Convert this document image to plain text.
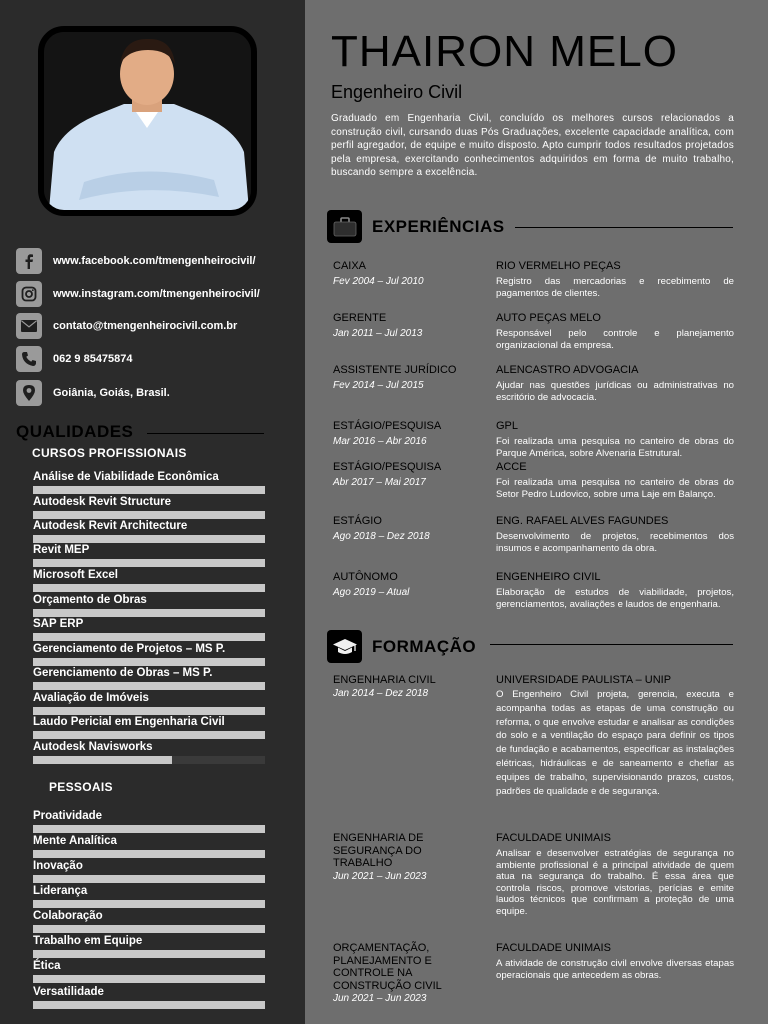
www.facebook.com/tmengenheirocivil/
www.instagram.com/tmengenheirocivil/
contato@tmengenheirocivil.com.br
062 9 85475874
Goiânia, Goiás, Brasil.
QUALIDADES
CURSOS PROFISSIONAIS
Análise de Viabilidade Econômica
Autodesk Revit Structure
Autodesk Revit Architecture
Revit MEP
Microsoft Excel
Orçamento de Obras
SAP ERP
Gerenciamento de Projetos – MS P.
Gerenciamento de Obras – MS P.
Avaliação de Imóveis
Laudo Pericial em Engenharia Civil
Autodesk Navisworks
PESSOAIS
Proatividade
Mente Analítica
Inovação
Liderança
Colaboração
Trabalho em Equipe
Ética
Versatilidade
THAIRON MELO
Engenheiro Civil
Graduado em Engenharia Civil, concluído os melhores cursos relacionados a construção civil, cursando duas Pós Graduações, excelente capacidade analítica, com perfil agregador, de equipe e muito disposto. Apto cumprir todos resultados projetados pela empresa, exercitando conhecimentos adquiridos em forma de muito trabalho, buscando sempre a excelência.
EXPERIÊNCIAS
CAIXA
Fev 2004 – Jul 2010
RIO VERMELHO PEÇAS
Registro das mercadorias e recebimento de pagamentos de clientes.
GERENTE
Jan 2011 – Jul 2013
AUTO PEÇAS MELO
Responsável pelo controle e planejamento organizacional da empresa.
ASSISTENTE JURÍDICO
Fev 2014 – Jul 2015
ALENCASTRO ADVOGACIA
Ajudar nas questões jurídicas ou administrativas no escritório de advocacia.
ESTÁGIO/PESQUISA
Mar 2016 – Abr 2016
GPL
Foi realizada uma pesquisa no canteiro de obras do Parque América, sobre Alvenaria Estrutural.
ESTÁGIO/PESQUISA
Abr 2017 – Mai 2017
ACCE
Foi realizada uma pesquisa no canteiro de obras do Setor Pedro Ludovico, sobre uma Laje em Balanço.
ESTÁGIO
Ago 2018 – Dez 2018
ENG. RAFAEL ALVES FAGUNDES
Desenvolvimento de projetos, recebimentos dos insumos e acompanhamento da obra.
AUTÔNOMO
Ago 2019 – Atual
ENGENHEIRO CIVIL
Elaboração de estudos de viabilidade, projetos, gerenciamentos, avaliações e laudos de engenharia.
FORMAÇÃO
ENGENHARIA CIVIL
Jan 2014 – Dez 2018
UNIVERSIDADE PAULISTA – UNIP
O Engenheiro Civil projeta, gerencia, executa e acompanha todas as etapas de uma construção ou reforma, o que envolve estudar e analisar as condições do solo e a ventilação do espaço para definir os tipos de fundação e acabamentos, especificar as instalações elétricas, hidráulicas e de saneamento e chefiar as equipes de trabalho, supervisionando prazos, custos, padrões de qualidade e de segurança.
ENGENHARIA DE SEGURANÇA DO TRABALHO
Jun 2021 – Jun 2023
FACULDADE UNIMAIS
Analisar e desenvolver estratégias de segurança no ambiente profissional é a principal atividade de quem atua na segurança do trabalho. É essa área que controla riscos, promove vistorias, perícias e emite laudos técnicos que confirmam a proteção de uma equipe.
ORÇAMENTAÇÃO, PLANEJAMENTO E CONTROLE NA CONSTRUÇÃO CIVIL
Jun 2021 – Jun 2023
FACULDADE UNIMAIS
A atividade de construção civil envolve diversas etapas operacionais que antecedem as obras.
